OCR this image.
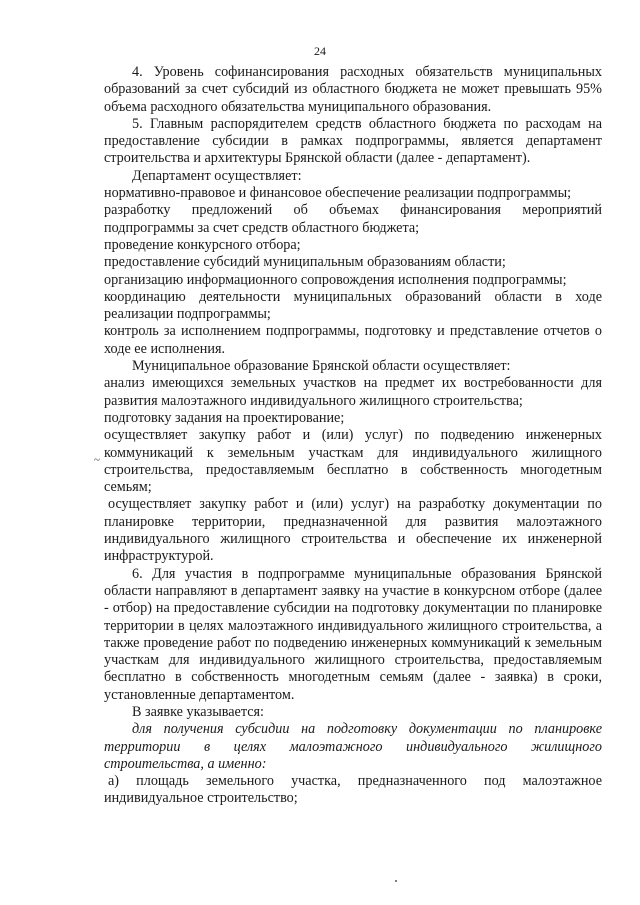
24

4. Уровень софинансирования расходных обязательств муниципальных образований за счет субсидий из областного бюджета не может превышать 95% объема расходного обязательства муниципального образования.

5. Главным распорядителем средств областного бюджета по расходам на предоставление субсидии в рамках подпрограммы, является департамент строительства и архитектуры Брянской области (далее - департамент).

Департамент осуществляет:

нормативно-правовое и финансовое обеспечение реализации подпрограммы;

разработку предложений об объемах финансирования мероприятий подпрограммы за счет средств областного бюджета;

проведение конкурсного отбора;

предоставление субсидий муниципальным образованиям области;

организацию информационного сопровождения исполнения подпрограммы;

координацию деятельности муниципальных образований области в ходе реализации подпрограммы;

контроль за исполнением подпрограммы, подготовку и представление отчетов о ходе ее исполнения.

Муниципальное образование Брянской области осуществляет:

анализ имеющихся земельных участков на предмет их востребованности для развития малоэтажного индивидуального жилищного строительства;

подготовку задания на проектирование;

осуществляет закупку работ и (или) услуг) по подведению инженерных коммуникаций к земельным участкам для индивидуального жилищного строительства, предоставляемым бесплатно в собственность многодетным семьям;

осуществляет закупку работ и (или) услуг) на разработку документации по планировке территории, предназначенной для развития малоэтажного индивидуального жилищного строительства и обеспечение их инженерной инфраструктурой.

6. Для участия в подпрограмме муниципальные образования Брянской области направляют в департамент заявку на участие в конкурсном отборе (далее - отбор) на предоставление субсидии на подготовку документации по планировке территории в целях малоэтажного индивидуального жилищного строительства, а также проведение работ по подведению инженерных коммуникаций к земельным участкам для индивидуального жилищного строительства, предоставляемым бесплатно в собственность многодетным семьям (далее - заявка) в сроки, установленные департаментом.

В заявке указывается:

для получения субсидии на подготовку документации по планировке территории в целях малоэтажного индивидуального жилищного строительства, а именно:

а) площадь земельного участка, предназначенного под малоэтажное индивидуальное строительство;

~
